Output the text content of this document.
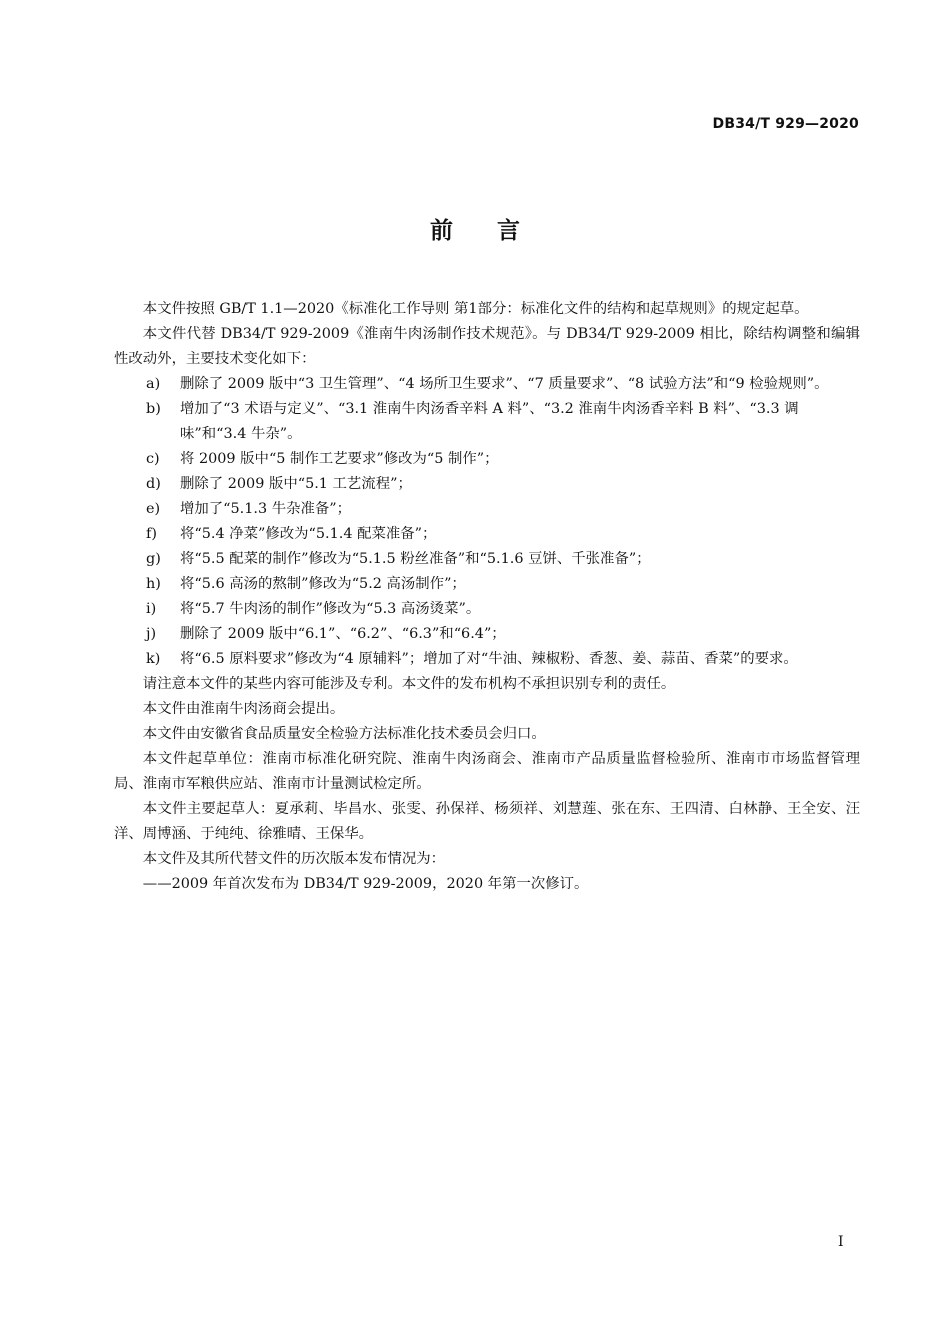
DB34/T 929—2020
前 言

本文件按照 GB/T 1.1—2020《标准化工作导则 第1部分：标准化文件的结构和起草规则》的规定起草。

本文件代替 DB34/T 929-2009《淮南牛肉汤制作技术规范》。与 DB34/T 929-2009 相比，除结构调整和编辑性改动外，主要技术变化如下：

a) 删除了 2009 版中“3 卫生管理”、“4 场所卫生要求”、“7 质量要求”、“8 试验方法”和“9 检验规则”。
b) 增加了“3 术语与定义”、“3.1 淮南牛肉汤香辛料 A 料”、“3.2 淮南牛肉汤香辛料 B 料”、“3.3 调味”和“3.4 牛杂”。
c) 将 2009 版中“5 制作工艺要求”修改为“5 制作”；
d) 删除了 2009 版中“5.1 工艺流程”；
e) 增加了“5.1.3 牛杂准备”；
f) 将“5.4 净菜”修改为“5.1.4 配菜准备”；
g) 将“5.5 配菜的制作”修改为“5.1.5 粉丝准备”和“5.1.6 豆饼、千张准备”；
h) 将“5.6 高汤的熬制”修改为“5.2 高汤制作”；
i) 将“5.7 牛肉汤的制作”修改为“5.3 高汤烫菜”。
j) 删除了 2009 版中“6.1”、“6.2”、“6.3”和“6.4”；
k) 将“6.5 原料要求”修改为“4 原辅料”；增加了对“牛油、辣椒粉、香葱、姜、蒜苗、香菜”的要求。

请注意本文件的某些内容可能涉及专利。本文件的发布机构不承担识别专利的责任。

本文件由淮南牛肉汤商会提出。

本文件由安徽省食品质量安全检验方法标准化技术委员会归口。

本文件起草单位：淮南市标准化研究院、淮南牛肉汤商会、淮南市产品质量监督检验所、淮南市市场监督管理局、淮南市军粮供应站、淮南市计量测试检定所。

本文件主要起草人：夏承莉、毕昌水、张雯、孙保祥、杨须祥、刘慧莲、张在东、王四清、白林静、王全安、汪洋、周博涵、于纯纯、徐雅晴、王保华。

本文件及其所代替文件的历次版本发布情况为：

——2009 年首次发布为 DB34/T 929-2009，2020 年第一次修订。

I
